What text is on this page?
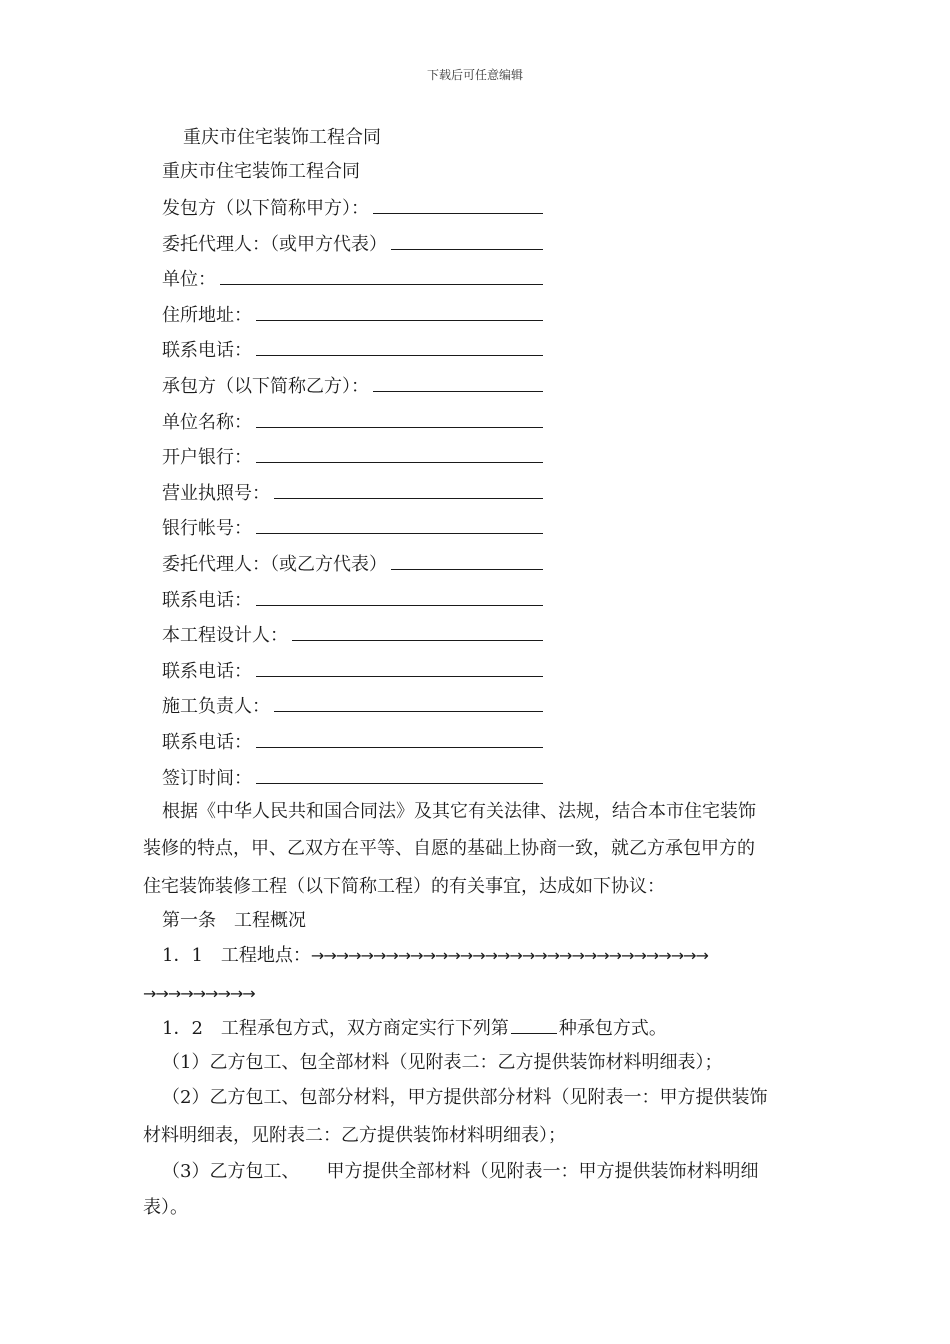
下载后可任意编辑
重庆市住宅装饰工程合同
重庆市住宅装饰工程合同
发包方（以下简称甲方）：
委托代理人：（或甲方代表）
单位：
住所地址：
联系电话：
承包方（以下简称乙方）：
单位名称：
开户银行：
营业执照号：
银行帐号：
委托代理人：（或乙方代表）
联系电话：
本工程设计人：
联系电话：
施工负责人：
联系电话：
签订时间：
根据《中华人民共和国合同法》及其它有关法律、法规，结合本市住宅装饰
装修的特点，甲、乙双方在平等、自愿的基础上协商一致，就乙方承包甲方的
住宅装饰装修工程（以下简称工程）的有关事宜，达成如下协议：
第一条　工程概况
1．1　工程地点：→→→→→→→→→→→→→→→→→→→→→→→→→→→→→→→→
→→→→→→→→→
1．2　工程承包方式，双方商定实行下列第	种承包方式。
（1）乙方包工、包全部材料（见附表二：乙方提供装饰材料明细表）；
（2）乙方包工、包部分材料，甲方提供部分材料（见附表一：甲方提供装饰
材料明细表，见附表二：乙方提供装饰材料明细表）；
（3）乙方包工、　　甲方提供全部材料（见附表一：甲方提供装饰材料明细
表）。
